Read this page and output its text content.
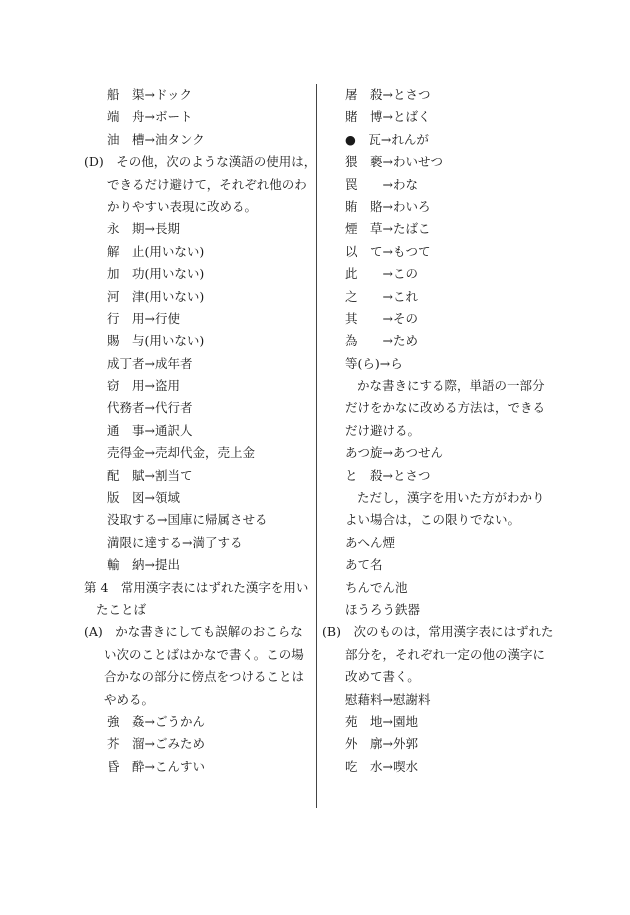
船　渠→ドック
端　舟→ボート
油　槽→油タンク
(D)　その他，次のような漢語の使用は，
できるだけ避けて，それぞれ他のわ
かりやすい表現に改める。
永　期→長期
解　止(用いない)
加　功(用いない)
河　津(用いない)
行　用→行使
賜　与(用いない)
成丁者→成年者
窃　用→盗用
代務者→代行者
通　事→通訳人
売得金→売却代金，売上金
配　賦→割当て
版　図→領域
没取する→国庫に帰属させる
満限に達する→満了する
輸　納→提出
第 4　常用漢字表にはずれた漢字を用い
たことば
(A)　かな書きにしても誤解のおこらな
い次のことばはかなで書く。この場
合かなの部分に傍点をつけることは
やめる。
強　姦→ごうかん
芥　溜→ごみため
昏　酔→こんすい
屠　殺→とさつ
賭　博→とばく
●　瓦→れんが
猥　褻→わいせつ
罠　　→わな
賄　賂→わいろ
煙　草→たばこ
以　て→もつて
此　　→この
之　　→これ
其　　→その
為　　→ため
等(ら)→ら
かな書きにする際，単語の一部分
だけをかなに改める方法は，できる
だけ避ける。
あつ旋→あつせん
と　殺→とさつ
ただし，漢字を用いた方がわかり
よい場合は，この限りでない。
あへん煙
あて名
ちんでん池
ほうろう鉄器
(B)　次のものは，常用漢字表にはずれた
部分を，それぞれ一定の他の漢字に
改めて書く。
慰藉料→慰謝料
苑　地→園地
外　廓→外郭
吃　水→喫水
